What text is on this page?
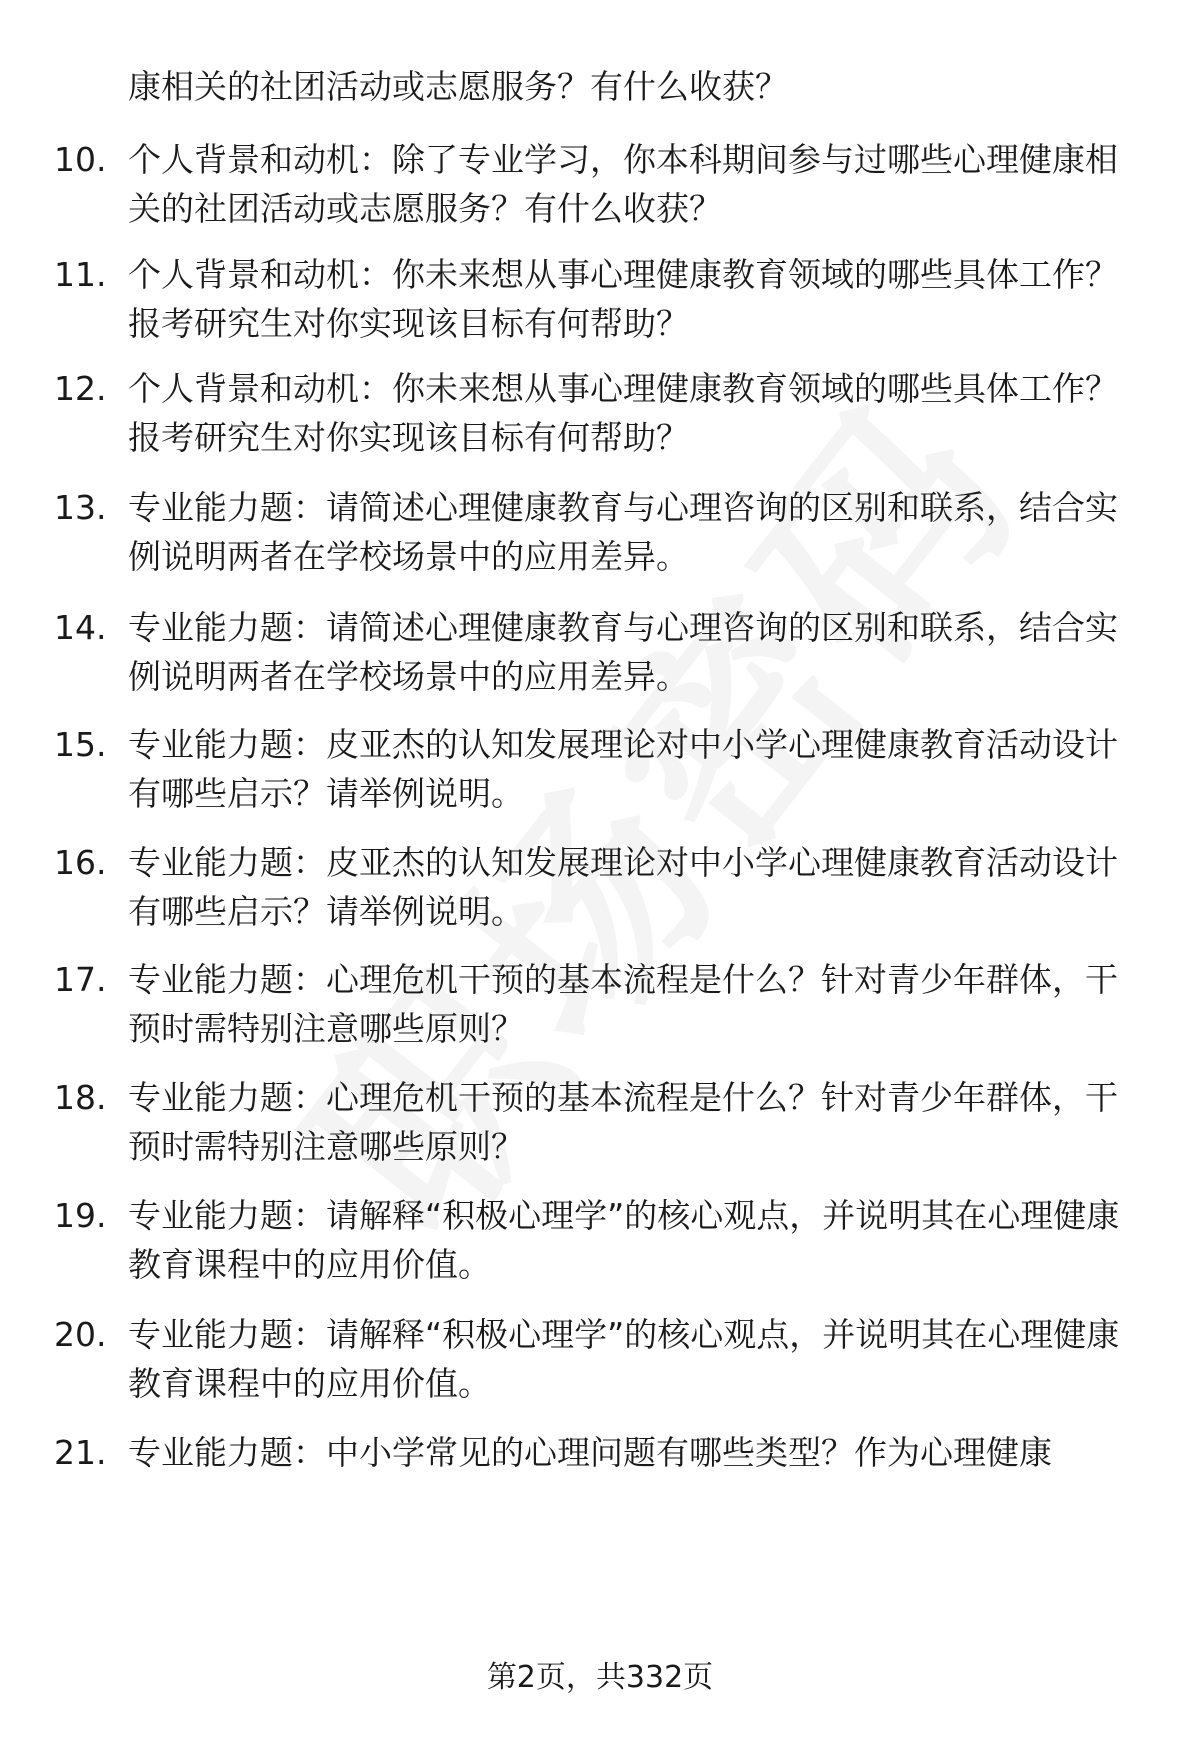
康相关的社团活动或志愿服务？有什么收获？
10. 个人背景和动机：除了专业学习，你本科期间参与过哪些心理健康相关的社团活动或志愿服务？有什么收获？
11. 个人背景和动机：你未来想从事心理健康教育领域的哪些具体工作？报考研究生对你实现该目标有何帮助？
12. 个人背景和动机：你未来想从事心理健康教育领域的哪些具体工作？报考研究生对你实现该目标有何帮助？
13. 专业能力题：请简述心理健康教育与心理咨询的区别和联系，结合实例说明两者在学校场景中的应用差异。
14. 专业能力题：请简述心理健康教育与心理咨询的区别和联系，结合实例说明两者在学校场景中的应用差异。
15. 专业能力题：皮亚杰的认知发展理论对中小学心理健康教育活动设计有哪些启示？请举例说明。
16. 专业能力题：皮亚杰的认知发展理论对中小学心理健康教育活动设计有哪些启示？请举例说明。
17. 专业能力题：心理危机干预的基本流程是什么？针对青少年群体，干预时需特别注意哪些原则？
18. 专业能力题：心理危机干预的基本流程是什么？针对青少年群体，干预时需特别注意哪些原则？
19. 专业能力题：请解释“积极心理学”的核心观点，并说明其在心理健康教育课程中的应用价值。
20. 专业能力题：请解释“积极心理学”的核心观点，并说明其在心理健康教育课程中的应用价值。
21. 专业能力题：中小学常见的心理问题有哪些类型？作为心理健康
第2页，共332页
